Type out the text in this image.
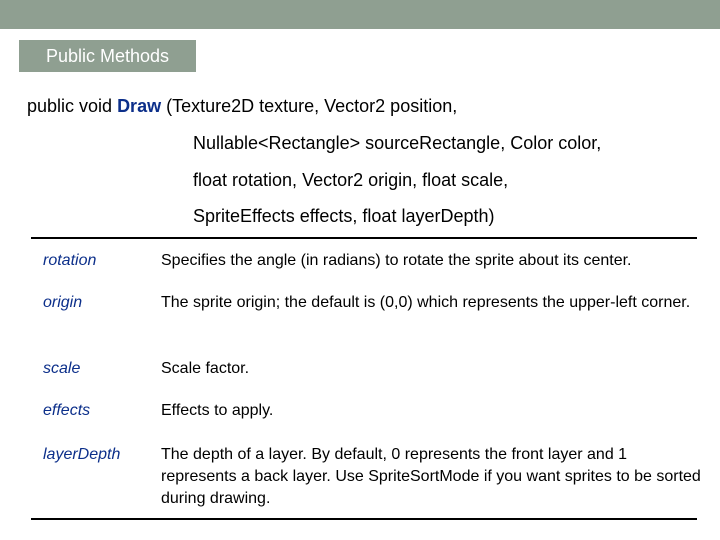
Public Methods
public void Draw (Texture2D texture, Vector2 position,
Nullable<Rectangle> sourceRectangle, Color color,
float rotation, Vector2 origin, float scale,
SpriteEffects effects, float layerDepth)
rotation	Specifies the angle (in radians) to rotate the sprite about its center.
origin	The sprite origin; the default is (0,0) which represents the upper-left corner.
scale	Scale factor.
effects	Effects to apply.
layerDepth	The depth of a layer. By default, 0 represents the front layer and 1 represents a back layer. Use SpriteSortMode if you want sprites to be sorted during drawing.
